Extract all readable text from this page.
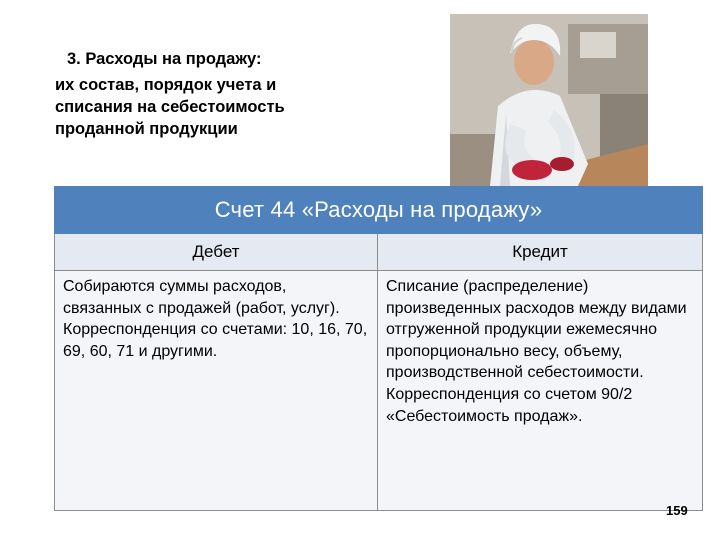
3. Расходы на продажу:
их состав, порядок учета и списания на себестоимость проданной продукции
Счет 44 «Расходы на продажу»	
Дебет	Кредит
Собираются суммы расходов, связанных с продажей (работ, услуг). Корреспонденция со счетами: 10, 16, 70, 69, 60, 71 и другими.	Списание (распределение) произведенных расходов между видами отгруженной продукции ежемесячно пропорционально весу, объему, производственной себестоимости. Корреспонденция со счетом 90/2 «Себестоимость продаж».
159
